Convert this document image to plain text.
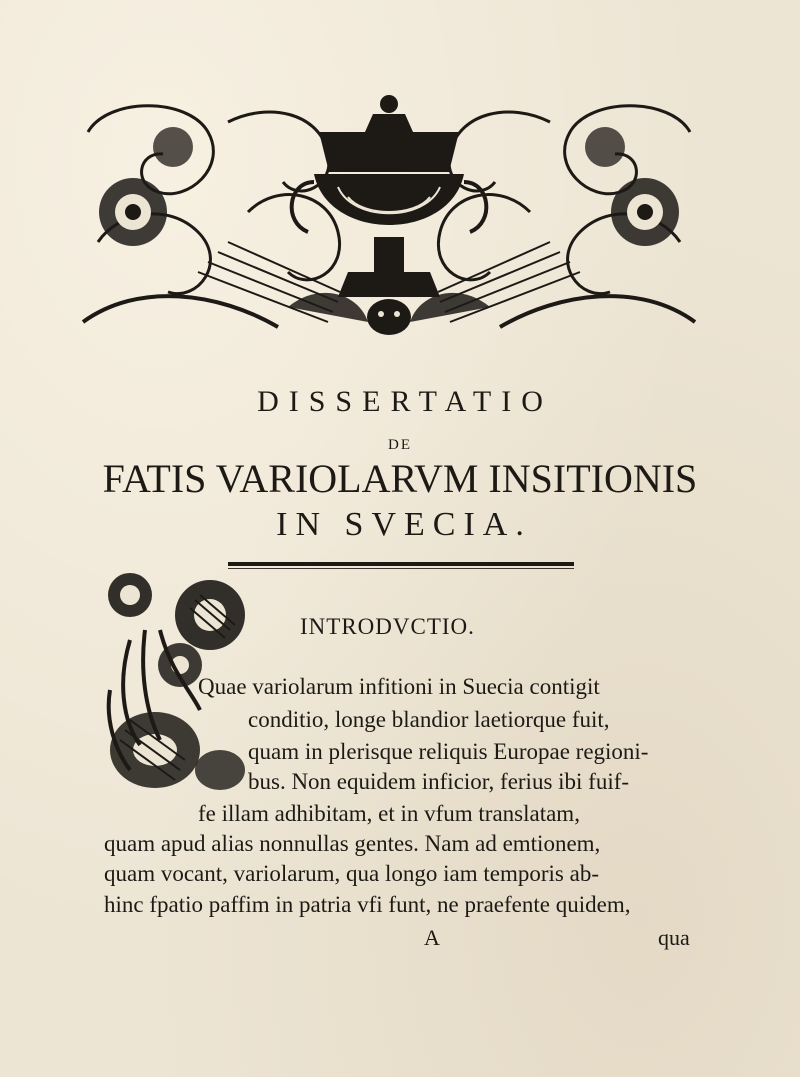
DISSERTATIO
DE
FATIS VARIOLARVM INSITIONIS
IN SVECIA.
INTRODVCTIO.
Quae variolarum infitioni in Suecia contigit
conditio, longe blandior laetiorque fuit,
quam in plerisque reliquis Europae regioni-
bus. Non equidem inficior, ferius ibi fuif-
fe illam adhibitam, et in vfum translatam,
quam apud alias nonnullas gentes. Nam ad emtionem,
quam vocant, variolarum, qua longo iam temporis ab-
hinc fpatio paffim in patria vfi funt, ne praefente quidem,
A	qua
